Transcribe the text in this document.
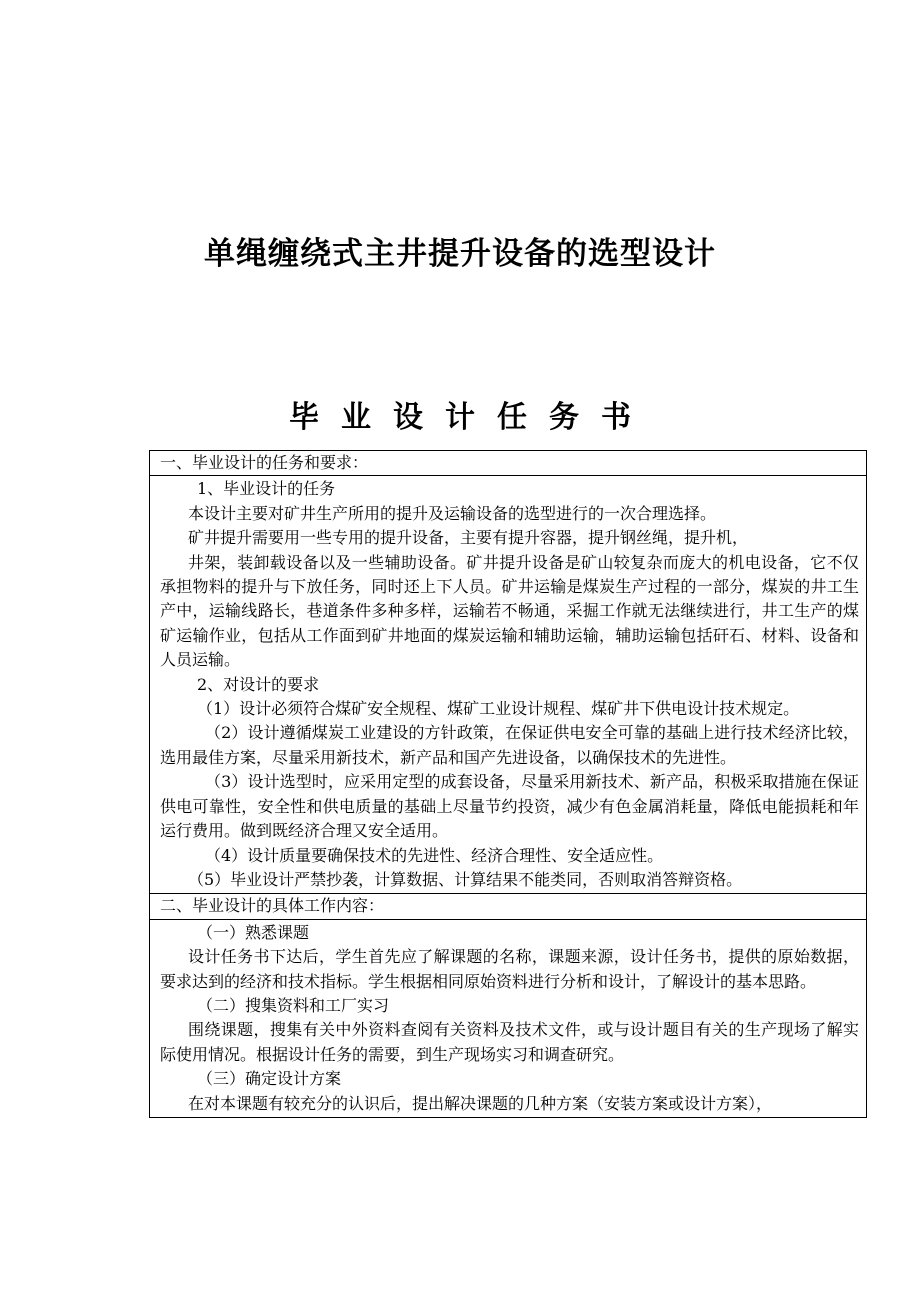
单绳缠绕式主井提升设备的选型设计
毕业设计任务书
一、毕业设计的任务和要求：

1、毕业设计的任务

本设计主要对矿井生产所用的提升及运输设备的选型进行的一次合理选择。

矿井提升需要用一些专用的提升设备，主要有提升容器，提升钢丝绳，提升机，

井架，装卸载设备以及一些辅助设备。矿井提升设备是矿山较复杂而庞大的机电设备，它不仅承担物料的提升与下放任务，同时还上下人员。矿井运输是煤炭生产过程的一部分，煤炭的井工生产中，运输线路长，巷道条件多种多样，运输若不畅通，采掘工作就无法继续进行，井工生产的煤矿运输作业，包括从工作面到矿井地面的煤炭运输和辅助运输，辅助运输包括矸石、材料、设备和人员运输。

2、对设计的要求

（1）设计必须符合煤矿安全规程、煤矿工业设计规程、煤矿井下供电设计技术规定。

（2）设计遵循煤炭工业建设的方针政策，在保证供电安全可靠的基础上进行技术经济比较，选用最佳方案，尽量采用新技术，新产品和国产先进设备，以确保技术的先进性。

（3）设计选型时，应采用定型的成套设备，尽量采用新技术、新产品，积极采取措施在保证供电可靠性，安全性和供电质量的基础上尽量节约投资，减少有色金属消耗量，降低电能损耗和年运行费用。做到既经济合理又安全适用。

（4）设计质量要确保技术的先进性、经济合理性、安全适应性。

（5）毕业设计严禁抄袭，计算数据、计算结果不能类同，否则取消答辩资格。

二、毕业设计的具体工作内容：

（一）熟悉课题

设计任务书下达后，学生首先应了解课题的名称，课题来源，设计任务书，提供的原始数据，要求达到的经济和技术指标。学生根据相同原始资料进行分析和设计，了解设计的基本思路。

（二）搜集资料和工厂实习

围绕课题，搜集有关中外资料查阅有关资料及技术文件，或与设计题目有关的生产现场了解实际使用情况。根据设计任务的需要，到生产现场实习和调查研究。

（三）确定设计方案

在对本课题有较充分的认识后，提出解决课题的几种方案（安装方案或设计方案），
